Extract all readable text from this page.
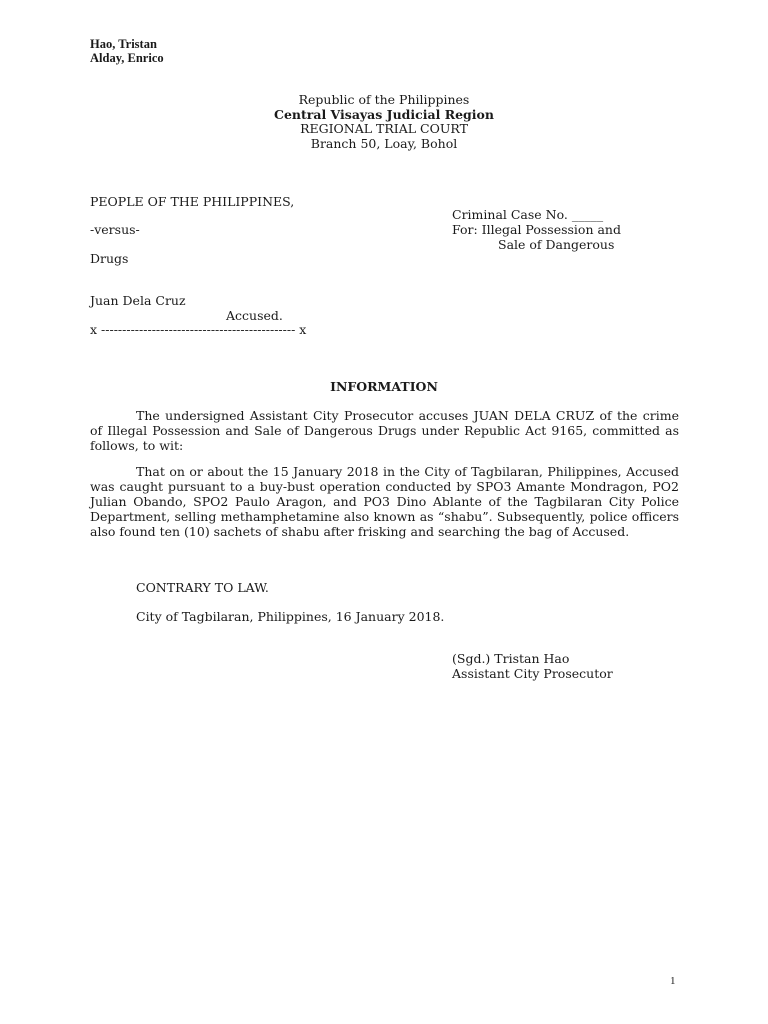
Hao, Tristan
Alday, Enrico
Republic of the Philippines
Central Visayas Judicial Region
REGIONAL TRIAL COURT
Branch 50, Loay, Bohol
PEOPLE OF THE PHILIPPINES,
Criminal Case No. _____
For: Illegal Possession and
Sale of Dangerous
-versus-
Drugs
Juan Dela Cruz
Accused.
x ---------------------------------------------- x
INFORMATION
The undersigned Assistant City Prosecutor accuses JUAN DELA CRUZ of the crime of Illegal Possession and Sale of Dangerous Drugs under Republic Act 9165, committed as follows, to wit:
That on or about the 15 January 2018 in the City of Tagbilaran, Philippines, Accused was caught pursuant to a buy-bust operation conducted by SPO3 Amante Mondragon, PO2 Julian Obando, SPO2 Paulo Aragon, and PO3 Dino Ablante of the Tagbilaran City Police Department, selling methamphetamine also known as “shabu”. Subsequently, police officers also found ten (10) sachets of shabu after frisking and searching the bag of Accused.
CONTRARY TO LAW.
City of Tagbilaran, Philippines, 16 January 2018.
(Sgd.) Tristan Hao
Assistant City Prosecutor
1
